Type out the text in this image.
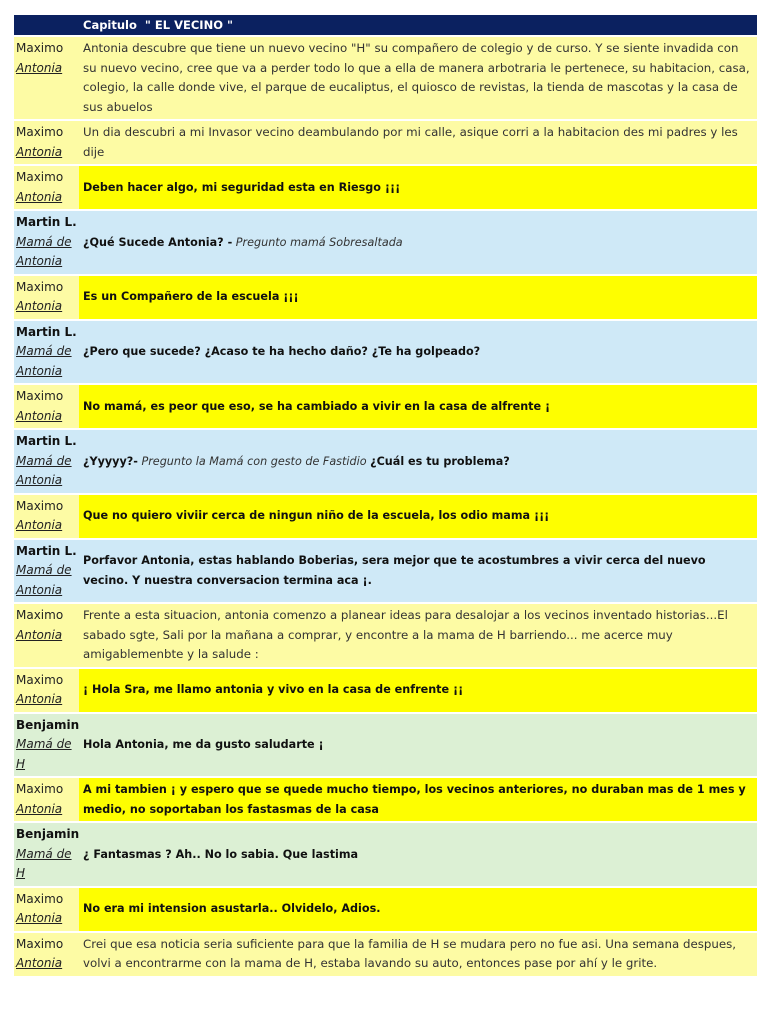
Capitulo  " EL VECINO "
Maximo
Antonia

Antonia descubre que tiene un nuevo vecino "H" su compañero de colegio y de curso. Y se siente invadida con su nuevo vecino, cree que va a perder todo lo que a ella de manera arbotraria le pertenece, su habitacion, casa, colegio, la calle donde vive, el parque de eucaliptus, el quiosco de revistas, la tienda de mascotas y la casa de sus abuelos

Maximo
Antonia

Un dia descubri a mi Invasor vecino deambulando por mi calle, asique corri a la habitacion des mi padres y les dije

Maximo
Antonia

Deben hacer algo, mi seguridad esta en Riesgo ¡¡¡

Martin L.
Mamá de Antonia

¿Qué Sucede Antonia? - Pregunto mamá Sobresaltada

Maximo
Antonia

Es un Compañero de la escuela ¡¡¡

Martin L.
Mamá de Antonia

¿Pero que sucede? ¿Acaso te ha hecho daño? ¿Te ha golpeado?

Maximo
Antonia

No mamá, es peor que eso, se ha cambiado a vivir en la casa de alfrente ¡

Martin L.
Mamá de Antonia

¿Yyyyy?- Pregunto la Mamá con gesto de Fastidio ¿Cuál es tu problema?

Maximo
Antonia

Que no quiero viviir cerca de ningun niño de la escuela, los odio mama ¡¡¡

Martin L.
Mamá de Antonia

Porfavor Antonia, estas hablando Boberias, sera mejor que te acostumbres a vivir cerca del nuevo vecino. Y nuestra conversacion termina aca ¡.

Maximo
Antonia

Frente a esta situacion, antonia comenzo a planear ideas para desalojar a los vecinos inventado historias...El sabado sgte, Sali por la mañana a comprar, y encontre a la mama de H barriendo... me acerce muy amigablemenbte y la salude :

Maximo
Antonia

¡ Hola Sra, me llamo antonia y vivo en la casa de enfrente ¡¡

Benjamin
Mamá de H

Hola Antonia, me da gusto saludarte ¡

Maximo
Antonia

A mi tambien ¡ y espero que se quede mucho tiempo, los vecinos anteriores, no duraban mas de 1 mes y medio, no soportaban los fastasmas de la casa

Benjamin
Mamá de H

¿ Fantasmas ? Ah.. No lo sabia. Que lastima

Maximo
Antonia

No era mi intension asustarla.. Olvidelo, Adios.

Maximo
Antonia

Crei que esa noticia seria suficiente para que la familia de H se mudara pero no fue asi. Una semana despues, volvi a encontrarme con la mama de H, estaba lavando su auto, entonces pase por ahí y le grite.
